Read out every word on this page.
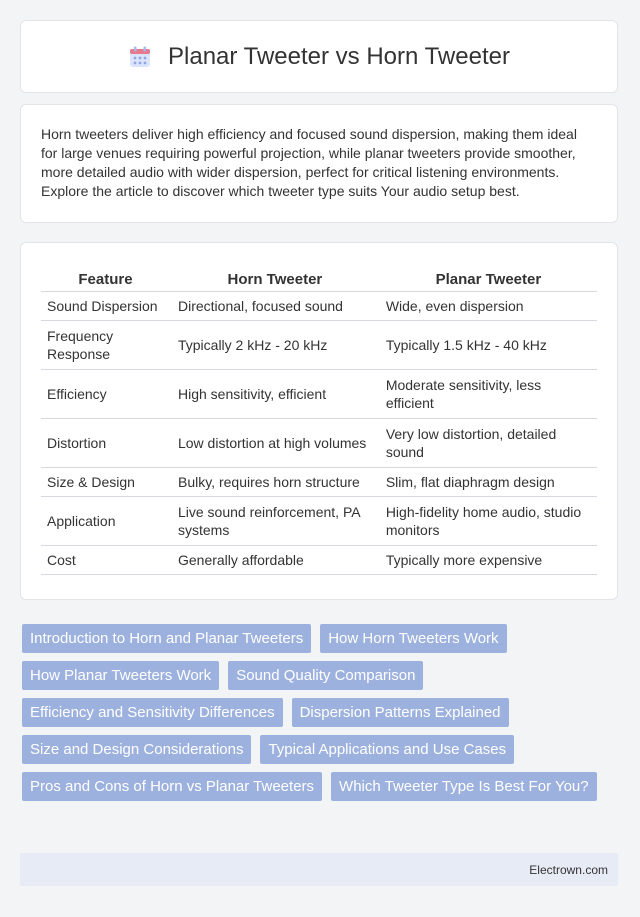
Planar Tweeter vs Horn Tweeter

Horn tweeters deliver high efficiency and focused sound dispersion, making them ideal for large venues requiring powerful projection, while planar tweeters provide smoother, more detailed audio with wider dispersion, perfect for critical listening environments. Explore the article to discover which tweeter type suits Your audio setup best.

Feature	Horn Tweeter	Planar Tweeter
Sound Dispersion	Directional, focused sound	Wide, even dispersion
Frequency Response	Typically 2 kHz - 20 kHz	Typically 1.5 kHz - 40 kHz
Efficiency	High sensitivity, efficient	Moderate sensitivity, less efficient
Distortion	Low distortion at high volumes	Very low distortion, detailed sound
Size & Design	Bulky, requires horn structure	Slim, flat diaphragm design
Application	Live sound reinforcement, PA systems	High-fidelity home audio, studio monitors
Cost	Generally affordable	Typically more expensive
Introduction to Horn and Planar Tweeters	How Horn Tweeters Work
How Planar Tweeters Work	Sound Quality Comparison
Efficiency and Sensitivity Differences	Dispersion Patterns Explained
Size and Design Considerations	Typical Applications and Use Cases
Pros and Cons of Horn vs Planar Tweeters	Which Tweeter Type Is Best For You?
Electrown.com
